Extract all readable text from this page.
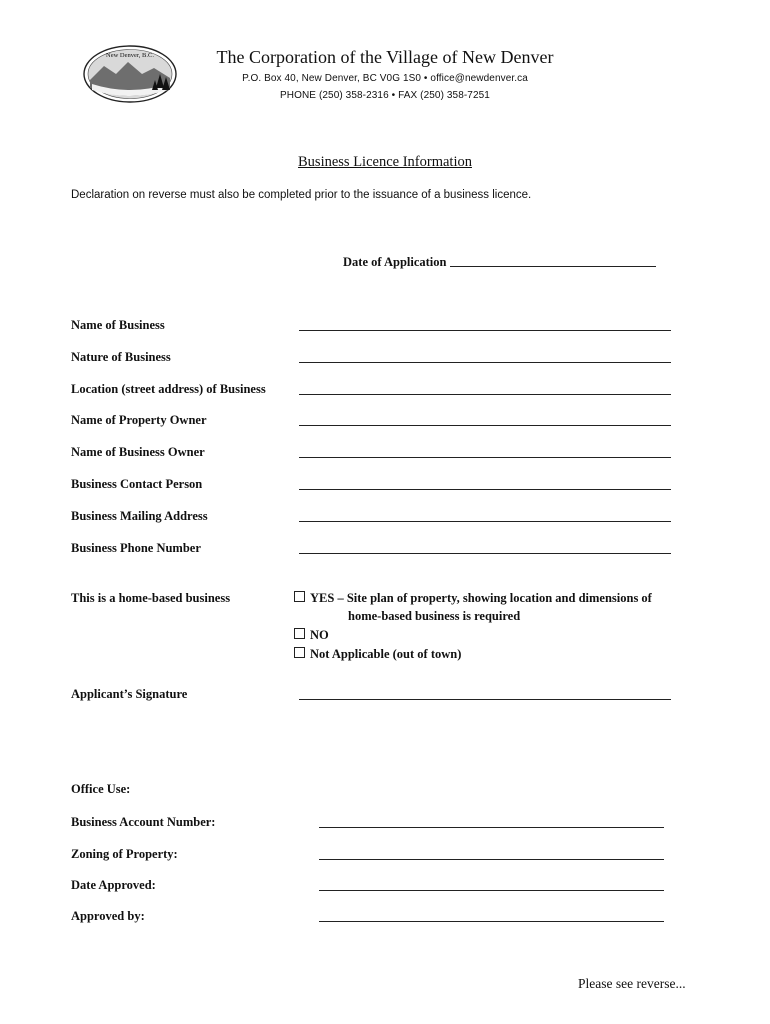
New Denver, B.C.	The Corporation of the Village of New Denver
P.O. Box 40, New Denver, BC V0G 1S0 • office@newdenver.ca
PHONE (250) 358-2316 • FAX (250) 358-7251
Business Licence Information
Declaration on reverse must also be completed prior to the issuance of a business licence.
Date of Application
Name of Business
Nature of Business
Location (street address) of Business
Name of Property Owner
Name of Business Owner
Business Contact Person
Business Mailing Address
Business Phone Number
This is a home-based business	YES – Site plan of property, showing location and dimensions of
home-based business is required
NO
Not Applicable (out of town)
Applicant’s Signature
Office Use:
Business Account Number:
Zoning of Property:
Date Approved:
Approved by:
Please see reverse...
